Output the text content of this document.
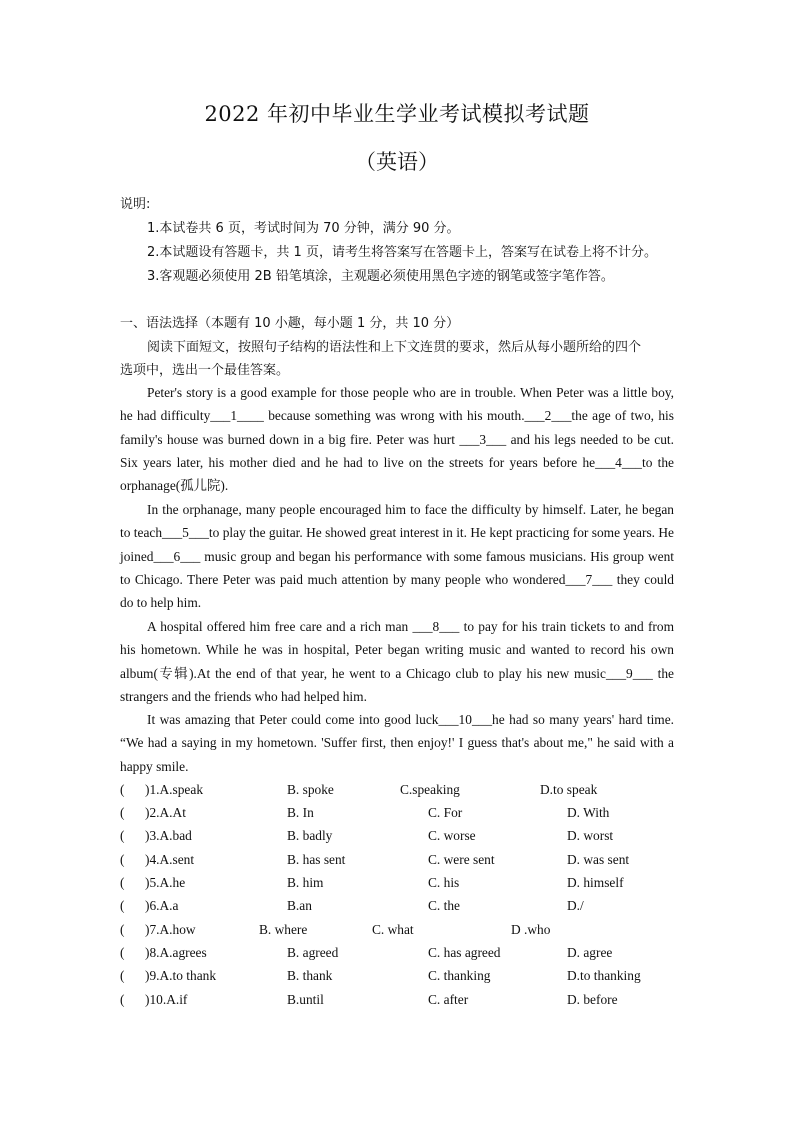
2022 年初中毕业生学业考试模拟考试题
（英语）
说明:
1.本试卷共 6 页，考试时间为 70 分钟，满分 90 分。
2.本试题设有答题卡，共 1 页，请考生将答案写在答题卡上，答案写在试卷上将不计分。
3.客观题必须使用 2B 铅笔填涂，主观题必须使用黑色字迹的钢笔或签字笔作答。
一、语法选择（本题有 10 小趣，每小题 1 分，共 10 分）
阅读下面短文，按照句子结构的语法性和上下文连贯的要求，然后从每小题所给的四个
选项中，选出一个最佳答案。
Peter's story is a good example for those people who are in trouble. When Peter was a little boy, he had difficulty___1____ because something was wrong with his mouth.___2___the age of two, his family's house was burned down in a big fire. Peter was hurt ___3___ and his legs needed to be cut. Six years later, his mother died and he had to live on the streets for years before he___4___to the orphanage(孤儿院).
In the orphanage, many people encouraged him to face the difficulty by himself. Later, he began to teach___5___to play the guitar. He showed great interest in it. He kept practicing for some years. He joined___6___ music group and began his performance with some famous musicians. His group went to Chicago. There Peter was paid much attention by many people who wondered___7___ they could do to help him.
A hospital offered him free care and a rich man ___8___ to pay for his train tickets to and from his hometown. While he was in hospital, Peter began writing music and wanted to record his own album(专辑).At the end of that year, he went to a Chicago club to play his new music___9___ the strangers and the friends who had helped him.
It was amazing that Peter could come into good luck___10___he had so many years' hard time. “We had a saying in my hometown. 'Suffer first, then enjoy!' I guess that's about me," he said with a happy smile.
( )1.A.speak	B. spoke	C.speaking	D.to speak
( )2.A.At	B. In	C. For	D. With
( )3.A.bad	B. badly	C. worse	D. worst
( )4.A.sent	B. has sent	C. were sent	D. was sent
( )5.A.he	B. him	C. his	D. himself
( )6.A.a	B.an	C. the	D./
( )7.A.how	B. where	C. what	D .who
( )8.A.agrees	B. agreed	C. has agreed	D. agree
( )9.A.to thank	B. thank	C. thanking	D.to thanking
( )10.A.if	B.until	C. after	D. before
